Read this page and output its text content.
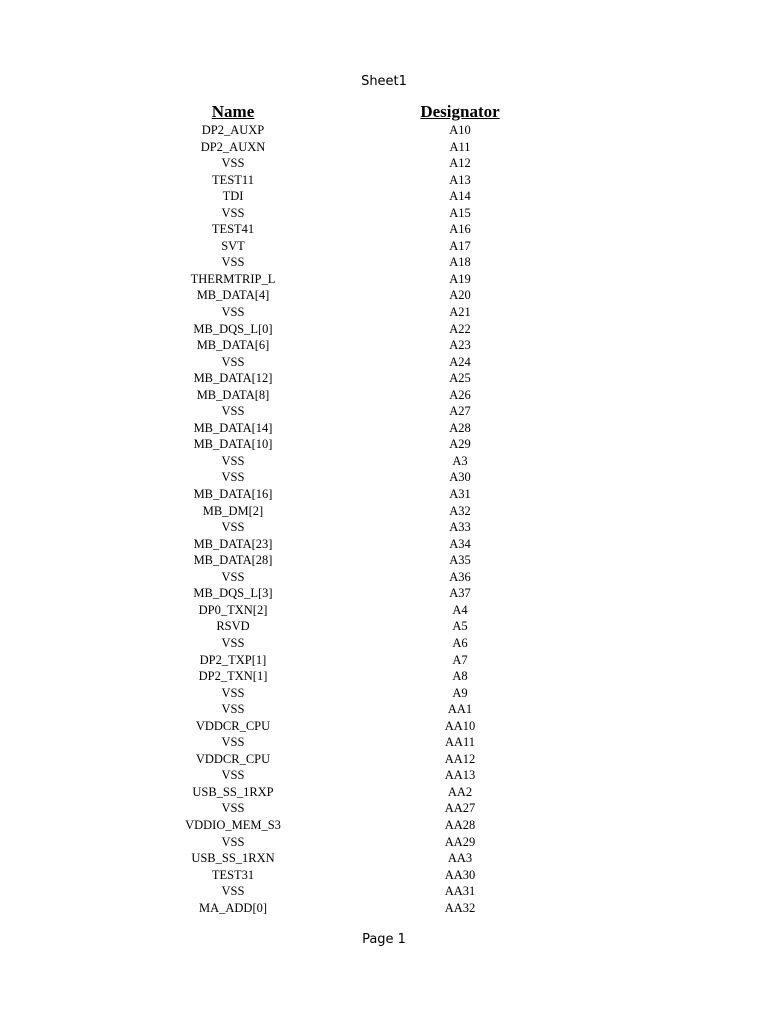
Sheet1
Name	Designator
DP2_AUXP	A10
DP2_AUXN	A11
VSS	A12
TEST11	A13
TDI	A14
VSS	A15
TEST41	A16
SVT	A17
VSS	A18
THERMTRIP_L	A19
MB_DATA[4]	A20
VSS	A21
MB_DQS_L[0]	A22
MB_DATA[6]	A23
VSS	A24
MB_DATA[12]	A25
MB_DATA[8]	A26
VSS	A27
MB_DATA[14]	A28
MB_DATA[10]	A29
VSS	A3
VSS	A30
MB_DATA[16]	A31
MB_DM[2]	A32
VSS	A33
MB_DATA[23]	A34
MB_DATA[28]	A35
VSS	A36
MB_DQS_L[3]	A37
DP0_TXN[2]	A4
RSVD	A5
VSS	A6
DP2_TXP[1]	A7
DP2_TXN[1]	A8
VSS	A9
VSS	AA1
VDDCR_CPU	AA10
VSS	AA11
VDDCR_CPU	AA12
VSS	AA13
USB_SS_1RXP	AA2
VSS	AA27
VDDIO_MEM_S3	AA28
VSS	AA29
USB_SS_1RXN	AA3
TEST31	AA30
VSS	AA31
MA_ADD[0]	AA32
Page 1
